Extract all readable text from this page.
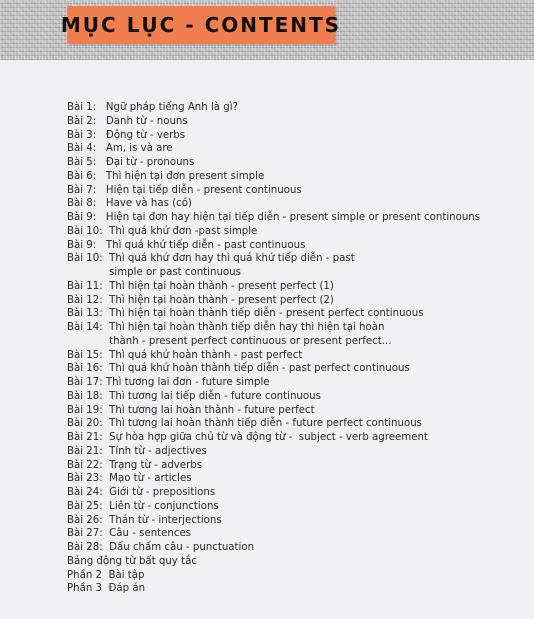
MỤC LỤC - CONTENTS
Bài 1:   Ngữ pháp tiếng Anh là gì?
Bài 2:   Danh từ - nouns
Bài 3:   Động từ - verbs
Bài 4:   Am, is và are
Bài 5:   Đại từ - pronouns
Bài 6:   Thì hiện tại đơn present simple
Bài 7:   Hiện tại tiếp diễn - present continuous
Bài 8:   Have và has (có)
Bài 9:   Hiện tại đơn hay hiện tại tiếp diễn - present simple or present continouns
Bài 10:  Thì quá khứ đơn -past simple
Bài 9:   Thì quá khứ tiếp diễn - past continuous
Bài 10:  Thì quá khứ đơn hay thì quá khứ tiếp diễn - past
simple or past continuous
Bài 11:  Thì hiện tại hoàn thành - present perfect (1)
Bài 12:  Thì hiện tại hoàn thành - present perfect (2)
Bài 13:  Thì hiện tại hoàn thành tiếp diễn - present perfect continuous
Bài 14:  Thì hiện tại hoàn thành tiếp diễn hay thì hiện tại hoàn
thành - present perfect continuous or present perfect...
Bài 15:  Thì quá khứ hoàn thành - past perfect
Bài 16:  Thì quá khứ hoàn thành tiếp diễn - past perfect continuous
Bài 17: Thì tương lai đơn - future simple
Bài 18:  Thì tương lai tiếp diễn - future continuous
Bài 19:  Thì tương lai hoàn thành - future perfect
Bài 20:  Thì tương lai hoàn thành tiếp diễn - future perfect continuous
Bài 21:  Sự hòa hợp giữa chủ từ và động từ -  subject - verb agreement
Bài 21:  Tính từ - adjectives
Bài 22:  Trạng từ - adverbs
Bài 23:  Mạo từ - articles
Bài 24:  Giới từ - prepositions
Bài 25:  Liên từ - conjunctions
Bài 26:  Thán từ - interjections
Bài 27:  Câu - sentences
Bài 28:  Dấu chấm câu - punctuation
Bảng động từ bất quy tắc
Phần 2  Bài tập
Phần 3  Đáp án
